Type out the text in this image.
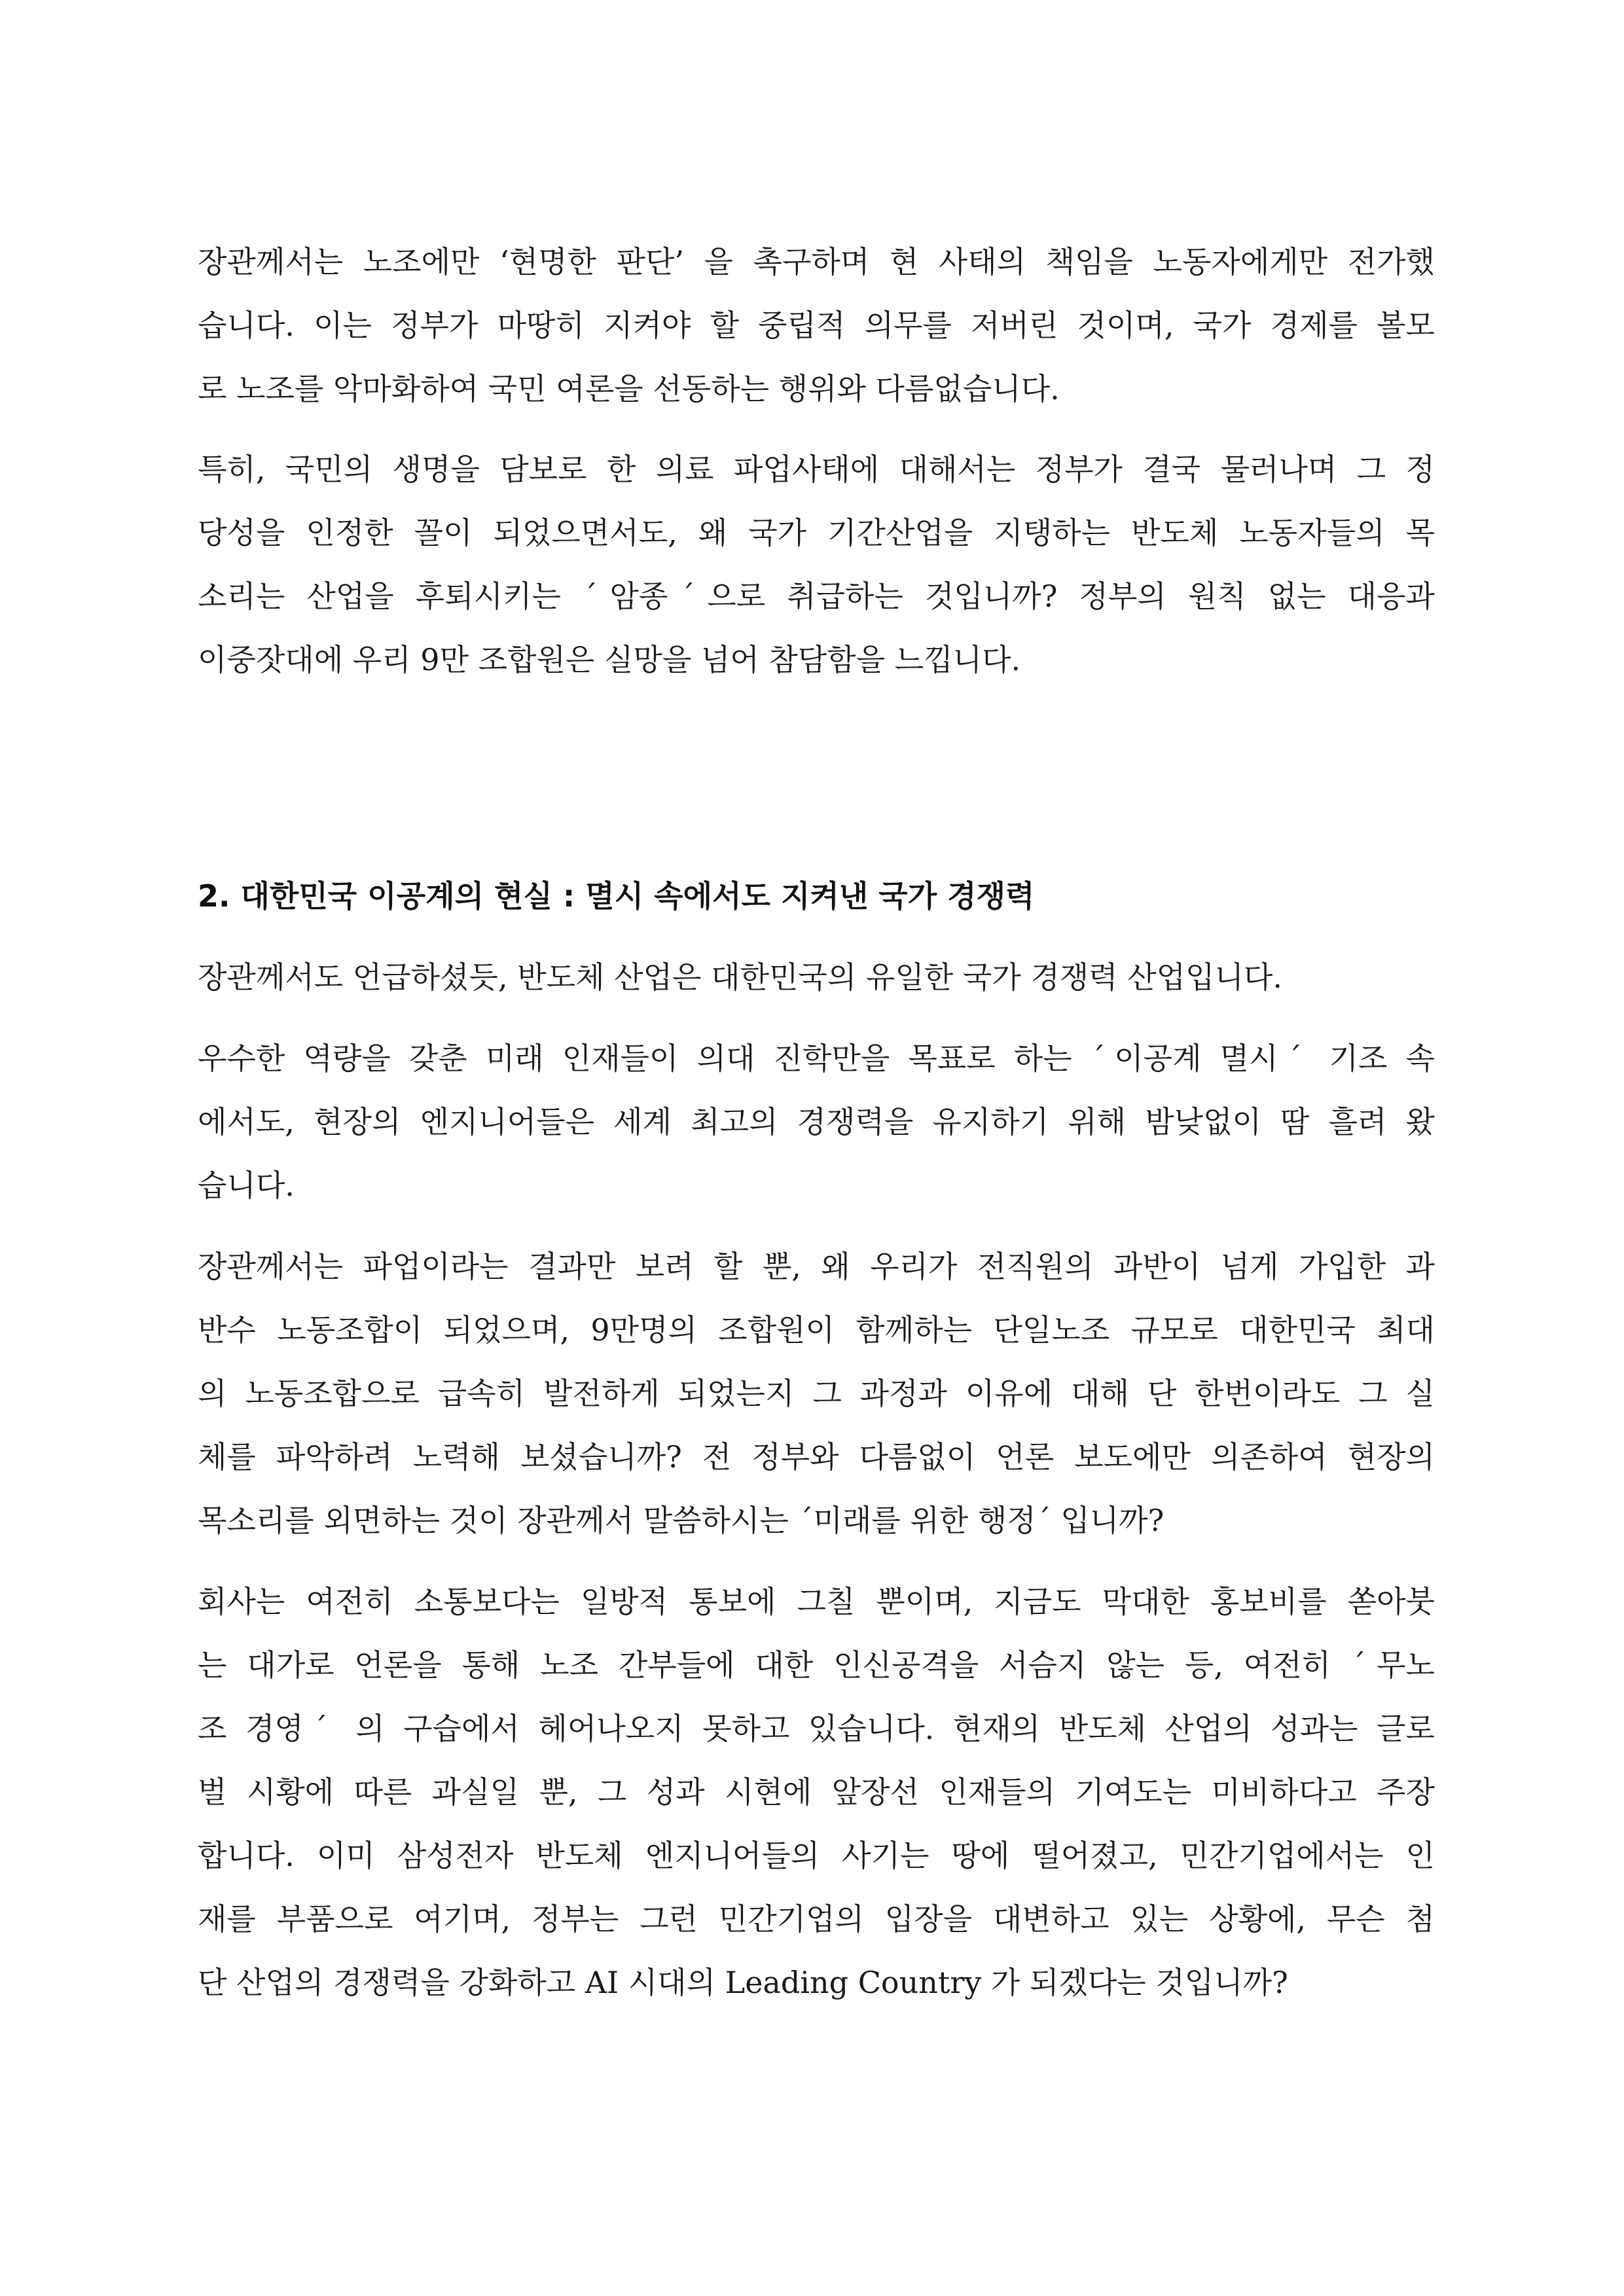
장관께서는 노조에만 ‘현명한 판단’ 을 촉구하며 현 사태의 책임을 노동자에게만 전가했
습니다. 이는 정부가 마땅히 지켜야 할 중립적 의무를 저버린 것이며, 국가 경제를 볼모
로 노조를 악마화하여 국민 여론을 선동하는 행위와 다름없습니다.
특히, 국민의 생명을 담보로 한 의료 파업사태에 대해서는 정부가 결국 물러나며 그 정
당성을 인정한 꼴이 되었으면서도, 왜 국가 기간산업을 지탱하는 반도체 노동자들의 목
소리는 산업을 후퇴시키는 ˊ암종ˊ으로 취급하는 것입니까? 정부의 원칙 없는 대응과
이중잣대에 우리 9만 조합원은 실망을 넘어 참담함을 느낍니다.
2. 대한민국 이공계의 현실 : 멸시 속에서도 지켜낸 국가 경쟁력
장관께서도 언급하셨듯, 반도체 산업은 대한민국의 유일한 국가 경쟁력 산업입니다.
우수한 역량을 갖춘 미래 인재들이 의대 진학만을 목표로 하는 ˊ이공계 멸시ˊ 기조 속
에서도, 현장의 엔지니어들은 세계 최고의 경쟁력을 유지하기 위해 밤낮없이 땀 흘려 왔
습니다.
장관께서는 파업이라는 결과만 보려 할 뿐, 왜 우리가 전직원의 과반이 넘게 가입한 과
반수 노동조합이 되었으며, 9만명의 조합원이 함께하는 단일노조 규모로 대한민국 최대
의 노동조합으로 급속히 발전하게 되었는지 그 과정과 이유에 대해 단 한번이라도 그 실
체를 파악하려 노력해 보셨습니까? 전 정부와 다름없이 언론 보도에만 의존하여 현장의
목소리를 외면하는 것이 장관께서 말씀하시는 ˊ미래를 위한 행정ˊ 입니까?
회사는 여전히 소통보다는 일방적 통보에 그칠 뿐이며, 지금도 막대한 홍보비를 쏟아붓
는 대가로 언론을 통해 노조 간부들에 대한 인신공격을 서슴지 않는 등, 여전히 ˊ무노
조 경영ˊ 의 구습에서 헤어나오지 못하고 있습니다. 현재의 반도체 산업의 성과는 글로
벌 시황에 따른 과실일 뿐, 그 성과 시현에 앞장선 인재들의 기여도는 미비하다고 주장
합니다. 이미 삼성전자 반도체 엔지니어들의 사기는 땅에 떨어졌고, 민간기업에서는 인
재를 부품으로 여기며, 정부는 그런 민간기업의 입장을 대변하고 있는 상황에, 무슨 첨
단 산업의 경쟁력을 강화하고 AI 시대의 Leading Country 가 되겠다는 것입니까?
